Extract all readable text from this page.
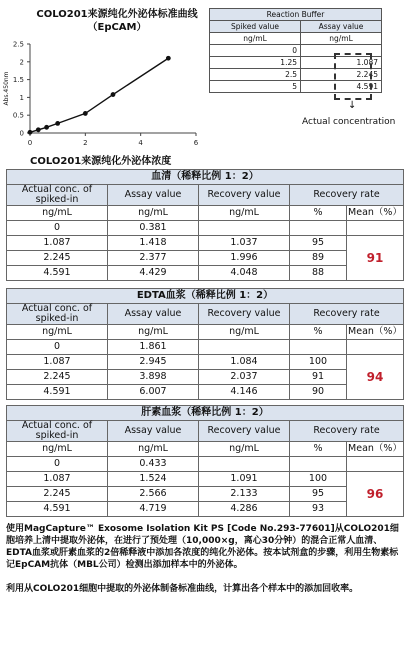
COLO201来源纯化外泌体标准曲线
（EpCAM）
0
0.5
1
1.5
2
2.5
0	2	4	6
Abs.450nm
COLO201来源纯化外泌体浓度
Reaction Buffer	
Spiked value	Assay value
ng/mL	ng/mL
0	
1.25	1.087
2.5	2.245
5	4.591
↓
Actual concentration
血清（稀释比例 1：2）
Actual conc. of spiked-in	Assay value	Recovery value	Recovery rate	
ng/mL	ng/mL	ng/mL	%	Mean（%）
0	0.381			
1.087	1.418	1.037	95	91
2.245	2.377	1.996	89	
4.591	4.429	4.048	88	
EDTA血浆（稀释比例 1：2）
Actual conc. of spiked-in	Assay value	Recovery value	Recovery rate	
ng/mL	ng/mL	ng/mL	%	Mean（%）
0	1.861			
1.087	2.945	1.084	100	94
2.245	3.898	2.037	91	
4.591	6.007	4.146	90	
肝素血浆（稀释比例 1：2）
Actual conc. of spiked-in	Assay value	Recovery value	Recovery rate	
ng/mL	ng/mL	ng/mL	%	Mean（%）
0	0.433			
1.087	1.524	1.091	100	96
2.245	2.566	2.133	95	
4.591	4.719	4.286	93	
使用MagCapture™ Exosome Isolation Kit PS [Code No.293-77601]从COLO201细胞培养上清中提取外泌体，在进行了预处理（10,000×g，离心30分钟）的混合正常人血清、EDTA血浆或肝素血浆的2倍稀释液中添加各浓度的纯化外泌体。按本试剂盒的步骤，利用生物素标记EpCAM抗体（MBL公司）检测出添加样本中的外泌体。
利用从COLO201细胞中提取的外泌体制备标准曲线，计算出各个样本中的添加回收率。
